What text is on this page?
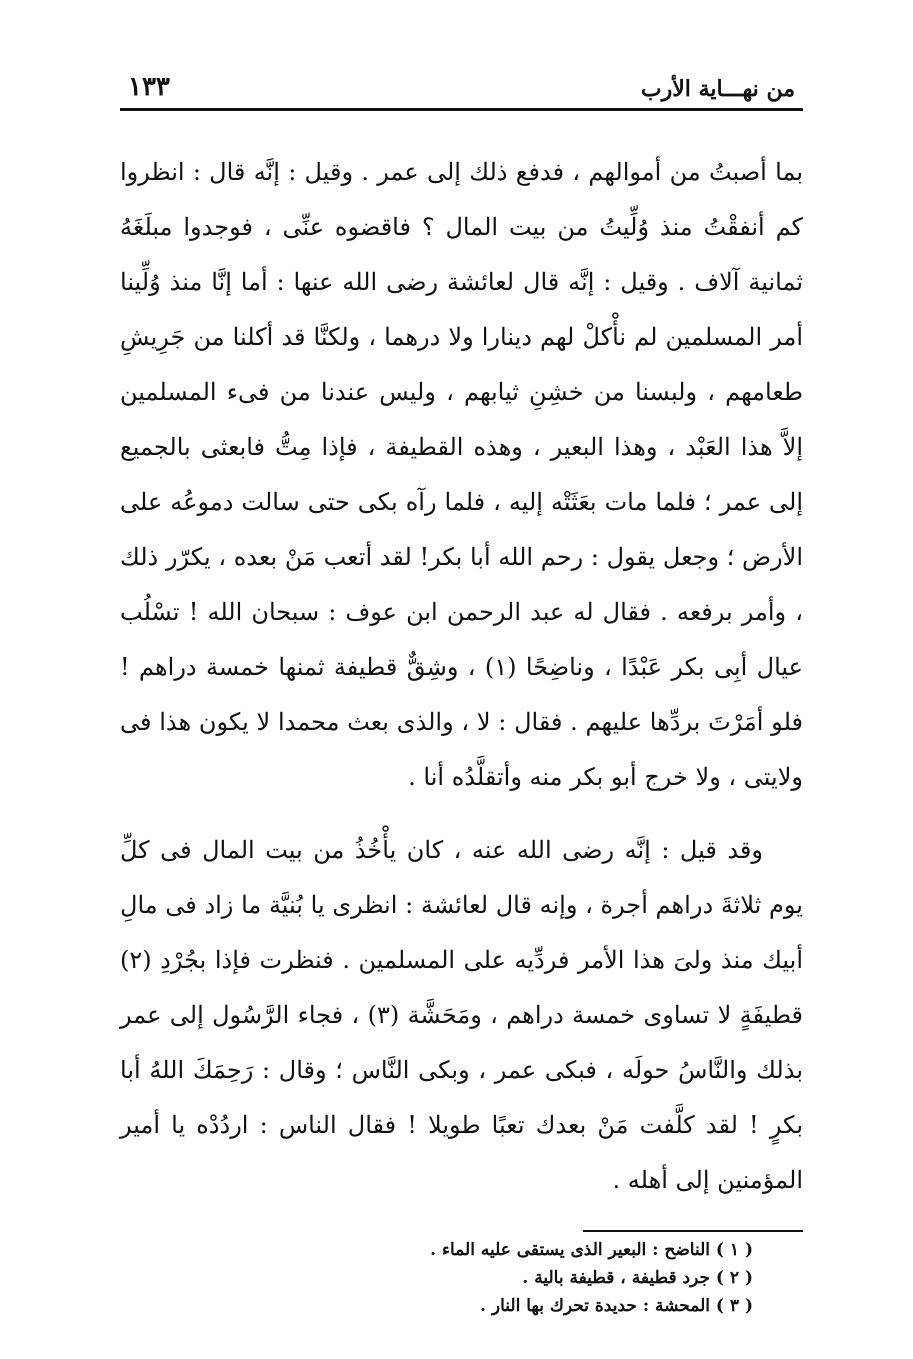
١٣٣	من نهـــاية الأرب

بما أصبتُ من أموالهم ، فدفع ذلك إلى عمر . وقيل : إنَّه قال : انظروا كم أنفقْتُ منذ وُلِّيتُ من بيت المال ؟ فاقضوه عنِّى ، فوجدوا مبلَغَهُ ثمانية آلاف . وقيل : إنَّه قال لعائشة رضى الله عنها : أما إنَّا منذ وُلِّينا أمر المسلمين لم نأْكلْ لهم دينارا ولا درهما ، ولكنَّا قد أكلنا من جَرِيشِ طعامهم ، ولبسنا من خشِنِ ثيابهم ، وليس عندنا من فىء المسلمين إلاَّ هذا العَبْد ، وهذا البعير ، وهذه القطيفة ، فإذا مِتُّ فابعثى بالجميع إلى عمر ؛ فلما مات بعَثَتْه إليه ، فلما رآه بكى حتى سالت دموعُه على الأرض ؛ وجعل يقول : رحم الله أبا بكر! لقد أتعب مَنْ بعده ، يكرّر ذلك ، وأمر برفعه . فقال له عبد الرحمن ابن عوف : سبحان الله ! تسْلُب عيال أبِى بكر عَبْدًا ، وناضِحًا (١) ، وشِقٌّ قطيفة ثمنها خمسة دراهم ! فلو أمَرْتَ بردِّها عليهم . فقال : لا ، والذى بعث محمدا لا يكون هذا فى ولايتى ، ولا خرج أبو بكر منه وأتقلَّدُه أنا .

وقد قيل : إنَّه رضى الله عنه ، كان يأْخُذُ من بيت المال فى كلِّ يوم ثلاثةَ دراهم أجرة ، وإنه قال لعائشة : انظرى يا بُنيَّة ما زاد فى مالِ أبيك منذ ولىَ هذا الأمر فردِّيه على المسلمين . فنظرت فإذا بجُرْدِ (٢) قطيفَةٍ لا تساوى خمسة دراهم ، ومَحَشَّة (٣) ، فجاء الرَّسُول إلى عمر بذلك والنَّاسُ حولَه ، فبكى عمر ، وبكى النَّاس ؛ وقال : رَحِمَكَ اللهُ أبا بكرٍ ! لقد كلَّفت مَنْ بعدك تعبًا طويلا ! فقال الناس : اردُدْه يا أمير المؤمنين إلى أهله .

( ١ ) الناضح : البعير الذى يستقى عليه الماء .

( ٢ ) جرد قطيفة ، قطيفة بالية .

( ٣ ) المحشة : حديدة تحرك بها النار .
